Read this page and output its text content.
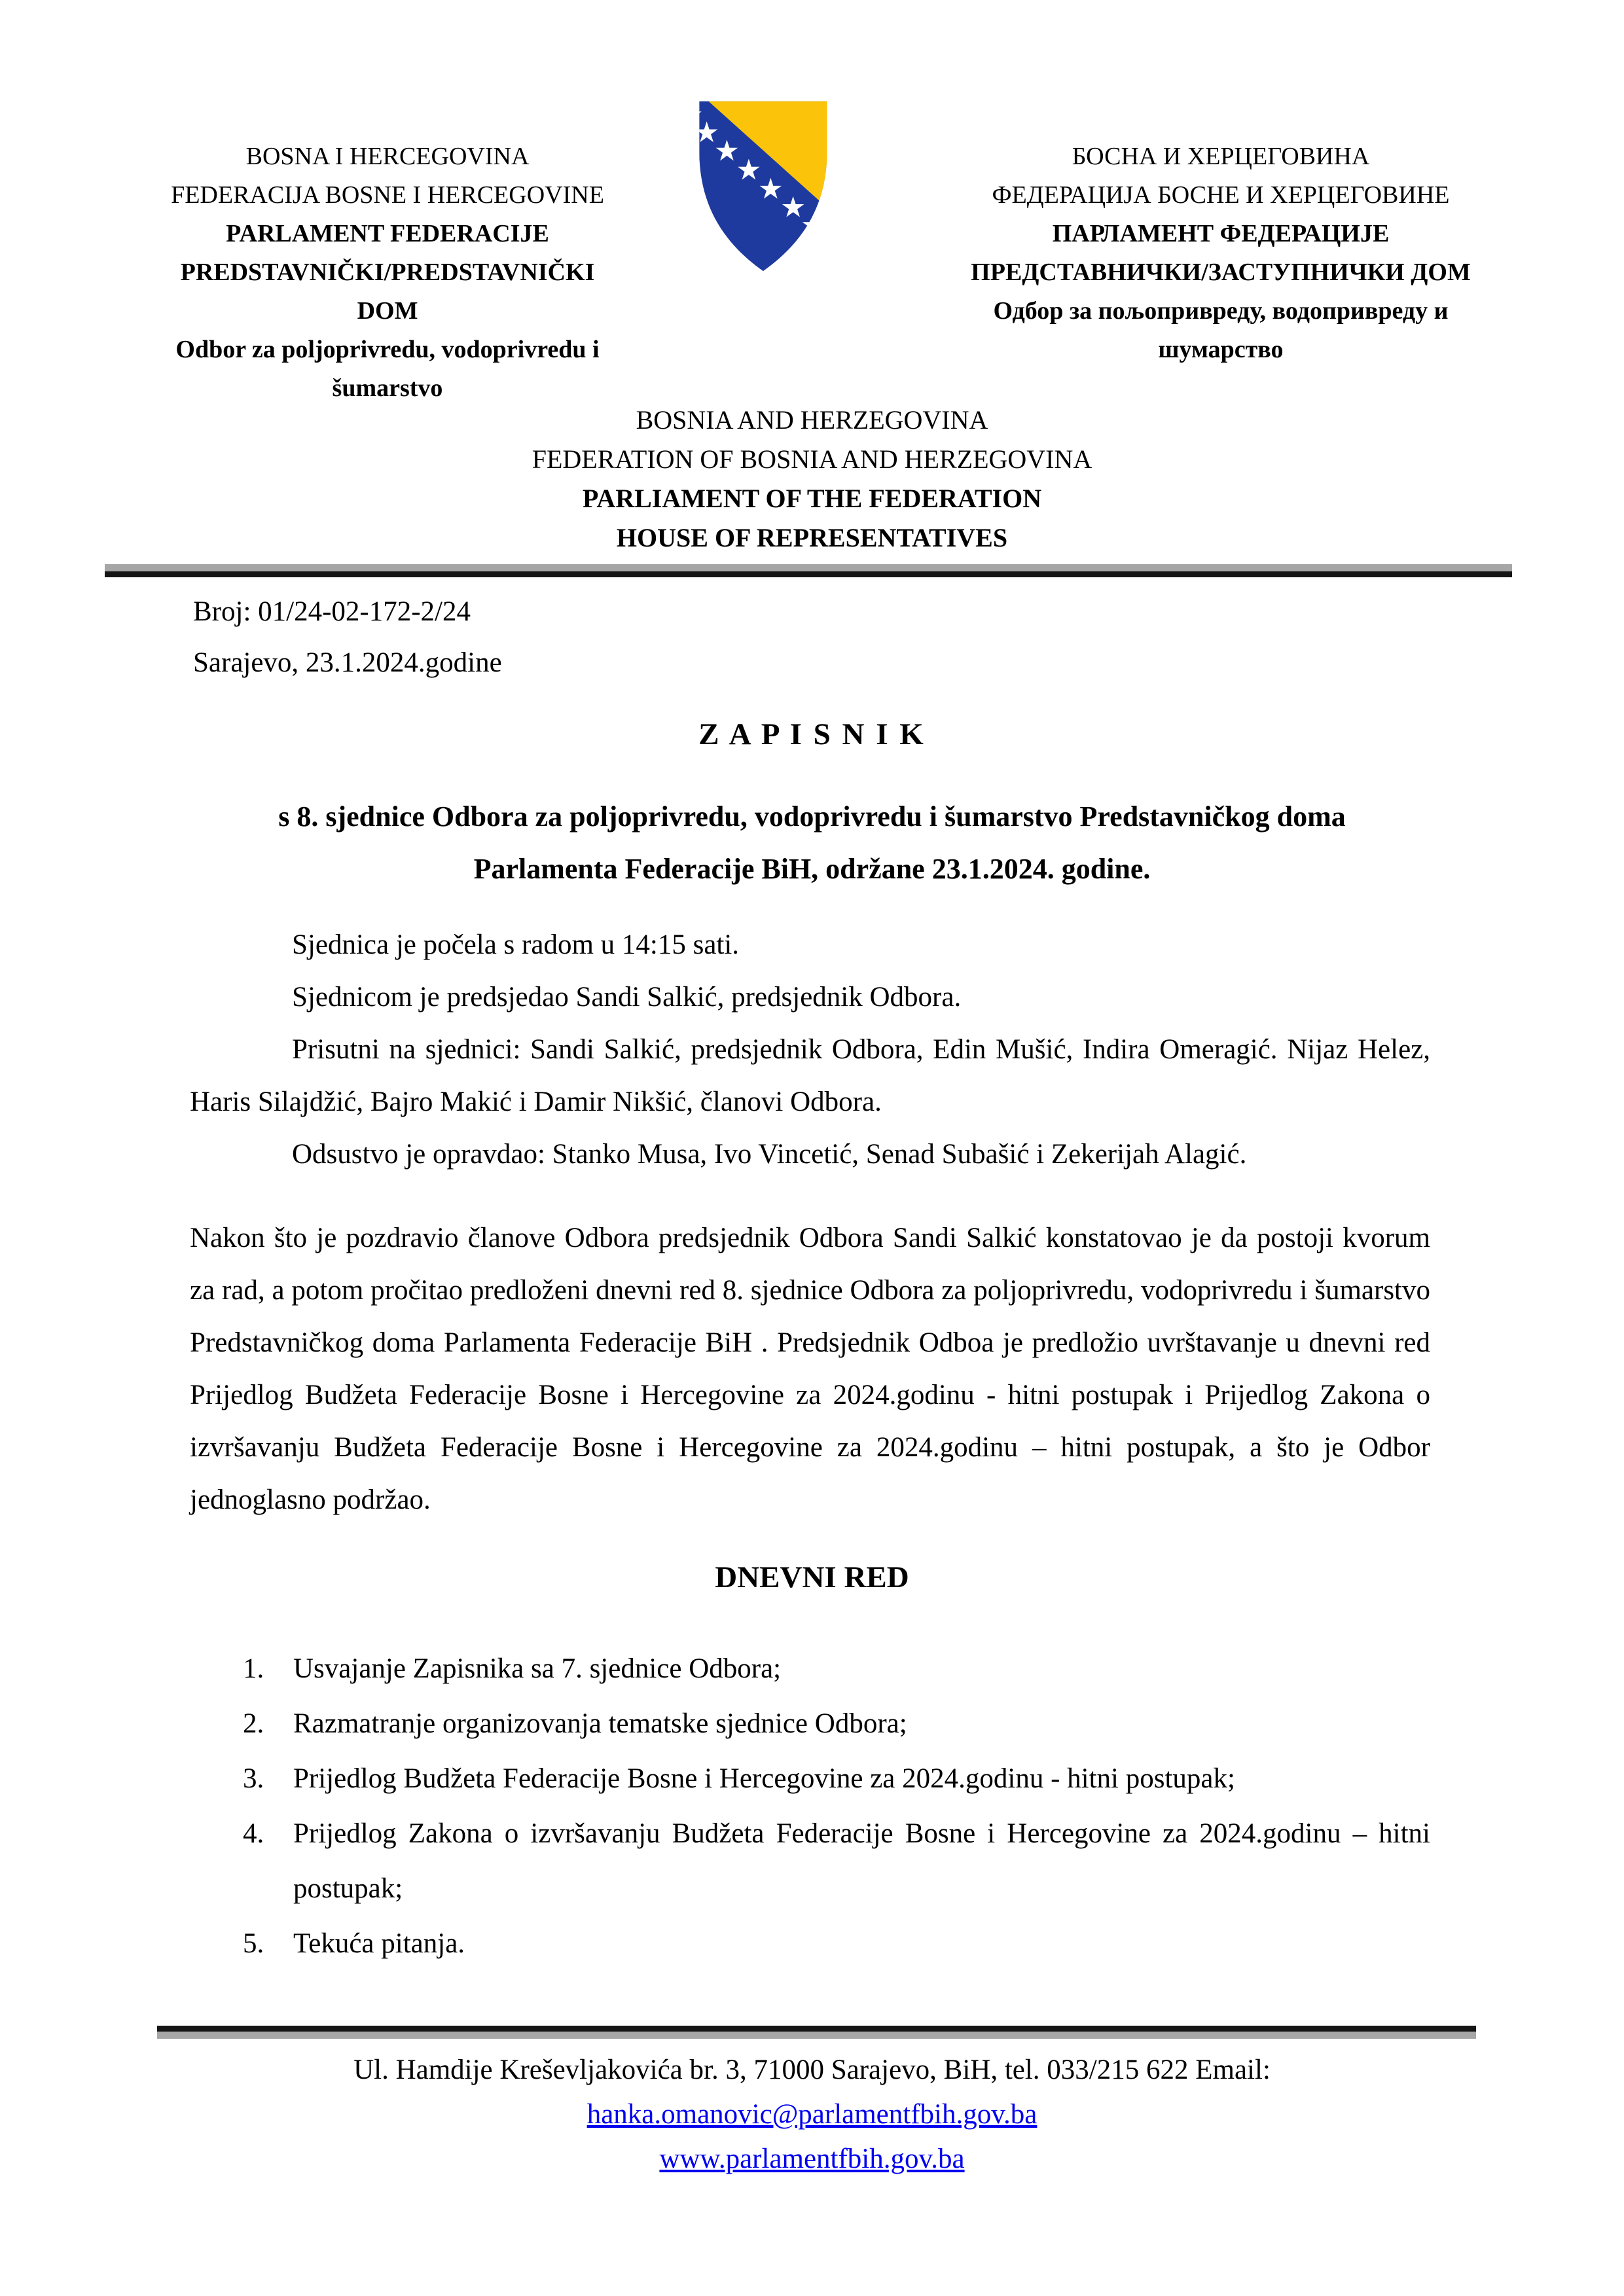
BOSNA I HERCEGOVINA
FEDERACIJA BOSNE I HERCEGOVINE
PARLAMENT FEDERACIJE
PREDSTAVNIČKI/PREDSTAVNIČKI
DOM
Odbor za poljoprivredu, vodoprivredu i
šumarstvo
БОСНА И ХЕРЦЕГОВИНА
ФЕДЕРАЦИЈА БОСНЕ И ХЕРЦЕГОВИНЕ
ПАРЛАМЕНТ ФЕДЕРАЦИЈЕ
ПРЕДСТАВНИЧКИ/ЗАСТУПНИЧКИ ДОМ
Одбор за пољопривреду, водопривреду и
шумарство
BOSNIA AND HERZEGOVINA
FEDERATION OF BOSNIA AND HERZEGOVINA
PARLIAMENT OF THE FEDERATION
HOUSE OF REPRESENTATIVES
Broj: 01/24-02-172-2/24
Sarajevo, 23.1.2024.godine
Z A P I S N I K
s 8. sjednice Odbora za poljoprivredu, vodoprivredu i šumarstvo Predstavničkog doma
Parlamenta Federacije BiH, održane 23.1.2024. godine.

Sjednica je počela s radom u 14:15 sati.

Sjednicom je predsjedao Sandi Salkić, predsjednik Odbora.

Prisutni na sjednici: Sandi Salkić, predsjednik Odbora, Edin Mušić, Indira Omeragić. Nijaz Helez, Haris Silajdžić, Bajro Makić i Damir Nikšić, članovi Odbora.

Odsustvo je opravdao: Stanko Musa, Ivo Vincetić, Senad Subašić i Zekerijah Alagić.

Nakon što je pozdravio članove Odbora predsjednik Odbora Sandi Salkić konstatovao je da postoji kvorum za rad, a potom pročitao predloženi dnevni red 8. sjednice Odbora za poljoprivredu, vodoprivredu i šumarstvo Predstavničkog doma Parlamenta Federacije BiH . Predsjednik Odboa je predložio uvrštavanje u dnevni red Prijedlog Budžeta Federacije Bosne i Hercegovine za 2024.godinu - hitni postupak i Prijedlog Zakona o izvršavanju Budžeta Federacije Bosne i Hercegovine za 2024.godinu – hitni postupak, a što je Odbor jednoglasno podržao.

DNEVNI RED
1.	Usvajanje Zapisnika sa 7. sjednice Odbora;
2.	Razmatranje organizovanja tematske sjednice Odbora;
3.	Prijedlog Budžeta Federacije Bosne i Hercegovine za 2024.godinu - hitni postupak;
4.	Prijedlog Zakona o izvršavanju Budžeta Federacije Bosne i Hercegovine za 2024.godinu – hitni postupak;
5.	Tekuća pitanja.
Ul. Hamdije Kreševljakovića br. 3, 71000 Sarajevo, BiH, tel. 033/215 622 Email:
hanka.omanovic@parlamentfbih.gov.ba
www.parlamentfbih.gov.ba
